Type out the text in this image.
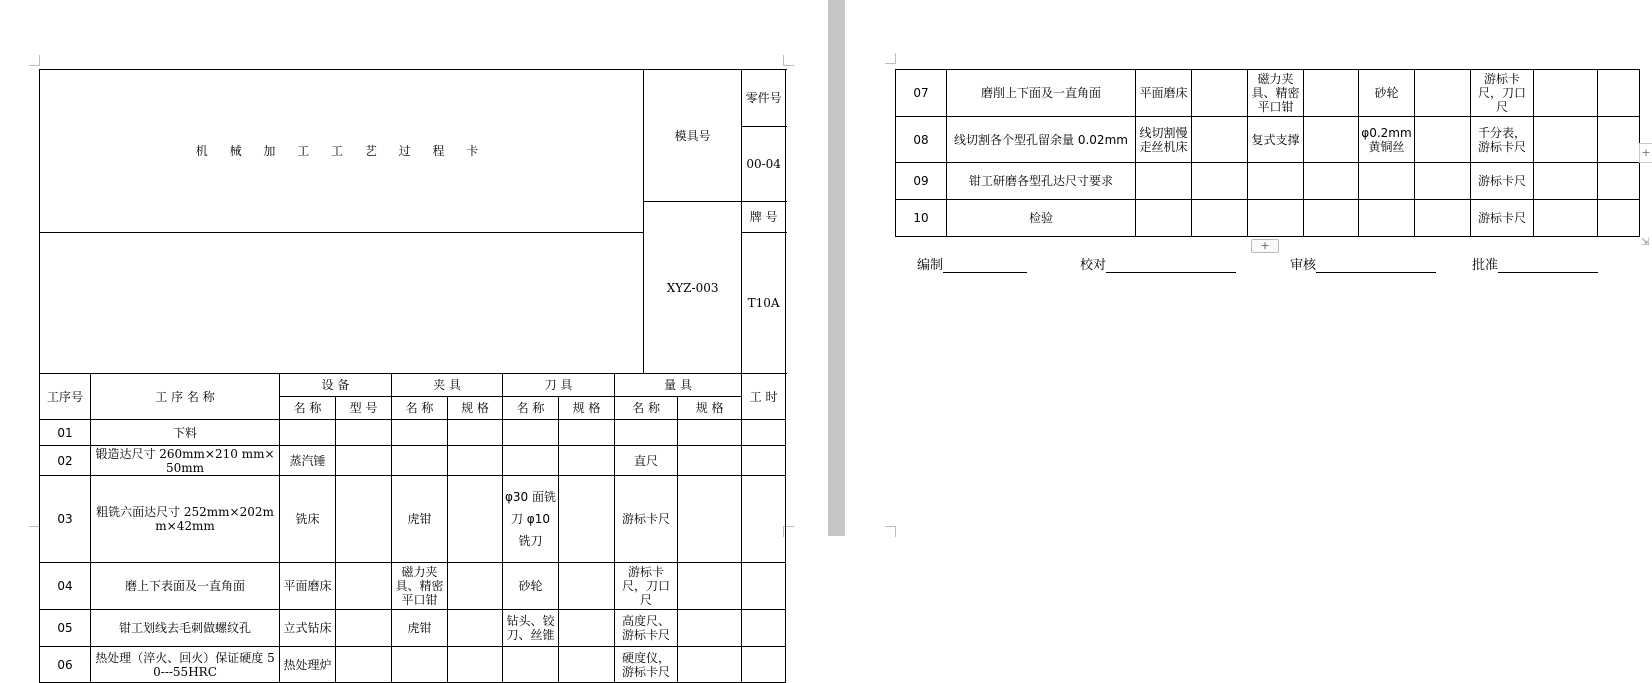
机 械 加 工 工 艺 过 程 卡									模具号		零件号	
											00-04	
									XYZ-003		牌 号	
											T10A	
工序号	工 序 名 称	设 备		夹 具		刀 具		量 具			工 时	
		名 称	型 号	名 称	规 格	名 称	规 格	名 称		规 格		
01	下料											
02	锻造达尺寸 260mm×210 mm×50mm	蒸汽锤						直尺				
03	粗铣六面达尺寸 252mm×202mm×42mm	铣床		虎钳		φ30 面铣刀 φ10 铣刀		游标卡尺				
04	磨上下表面及一直角面	平面磨床		磁力夹具、精密平口钳		砂轮		游标卡尺，刀口尺				
05	钳工划线去毛刺做螺纹孔	立式钻床		虎钳		钻头、铰刀、丝锥		高度尺、游标卡尺				
06	热处理（淬火、回火）保证硬度 50---55HRC	热处理炉						硬度仪，游标卡尺				
07	磨削上下面及一直角面	平面磨床		磁力夹具、精密平口钳		砂轮		游标卡尺，刀口尺		
08	线切割各个型孔留余量 0.02mm	线切割慢走丝机床		复式支撑		φ0.2mm 黄铜丝		千分表，游标卡尺		
09	钳工研磨各型孔达尺寸要求							游标卡尺		
10	检验							游标卡尺		
+
+
⇲
编制	校对	审核	批准
